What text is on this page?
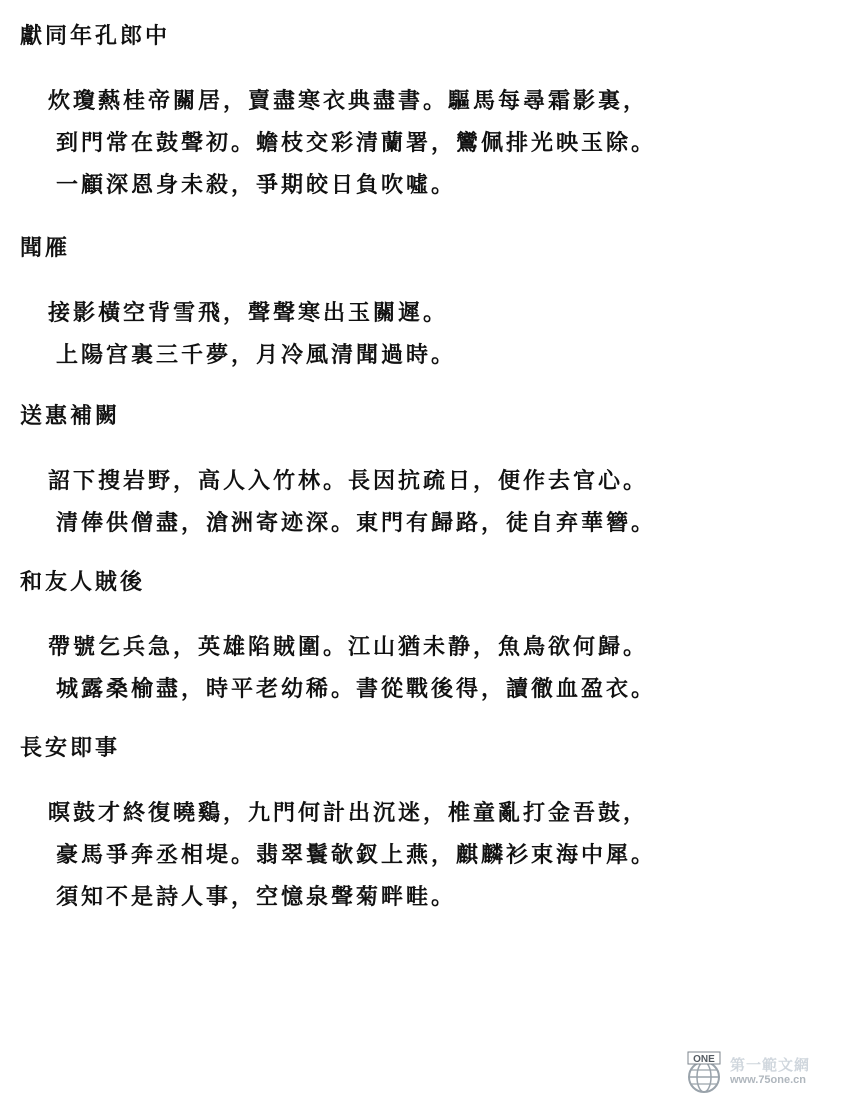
獻同年孔郎中

炊瓊爇桂帝關居，賣盡寒衣典盡書。驅馬每尋霜影裏，

到門常在鼓聲初。蟾枝交彩清蘭署，鸞佩排光映玉除。

一顧深恩身未殺，爭期皎日負吹噓。

聞雁

接影橫空背雪飛，聲聲寒出玉關遲。

上陽宫裏三千夢，月冷風清聞過時。

送惠補闕

詔下搜岩野，高人入竹林。長因抗疏日，便作去官心。

清俸供僧盡，滄洲寄迹深。東門有歸路，徒自弃華簪。

和友人賊後

帶號乞兵急，英雄陷賊圍。江山猶未静，魚鳥欲何歸。

城露桑榆盡，時平老幼稀。書從戰後得，讀徹血盈衣。

長安即事

暝鼓才終復曉鷄，九門何計出沉迷，椎童亂打金吾鼓，

豪馬爭奔丞相堤。翡翠鬟欹釵上燕，麒麟衫束海中犀。

須知不是詩人事，空憶泉聲菊畔畦。

ONE 第一範文網
www.75one.cn
